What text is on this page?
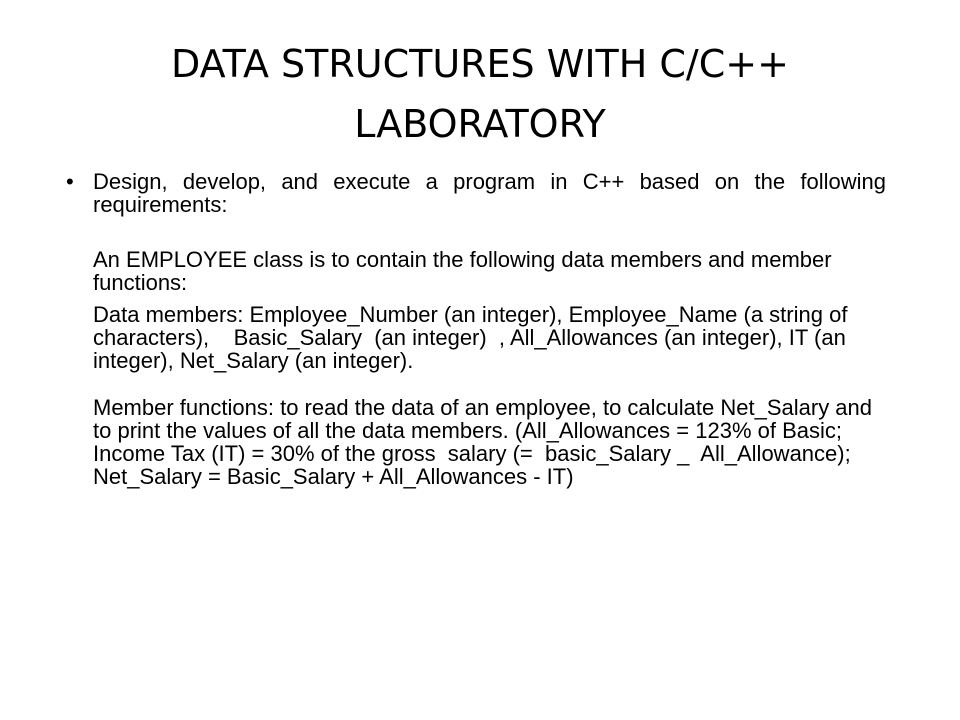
DATA STRUCTURES WITH C/C++
LABORATORY
• Design, develop, and execute a program in C++ based on the following requirements:
An EMPLOYEE class is to contain the following data members and member functions:
Data members: Employee_Number (an integer), Employee_Name (a string of characters),    Basic_Salary  (an integer)  , All_Allowances (an integer), IT (an integer), Net_Salary (an integer).
Member functions: to read the data of an employee, to calculate Net_Salary and to print the values of all the data members. (All_Allowances = 123% of Basic; Income Tax (IT) = 30% of the gross  salary (=  basic_Salary _  All_Allowance);    Net_Salary = Basic_Salary + All_Allowances - IT)
